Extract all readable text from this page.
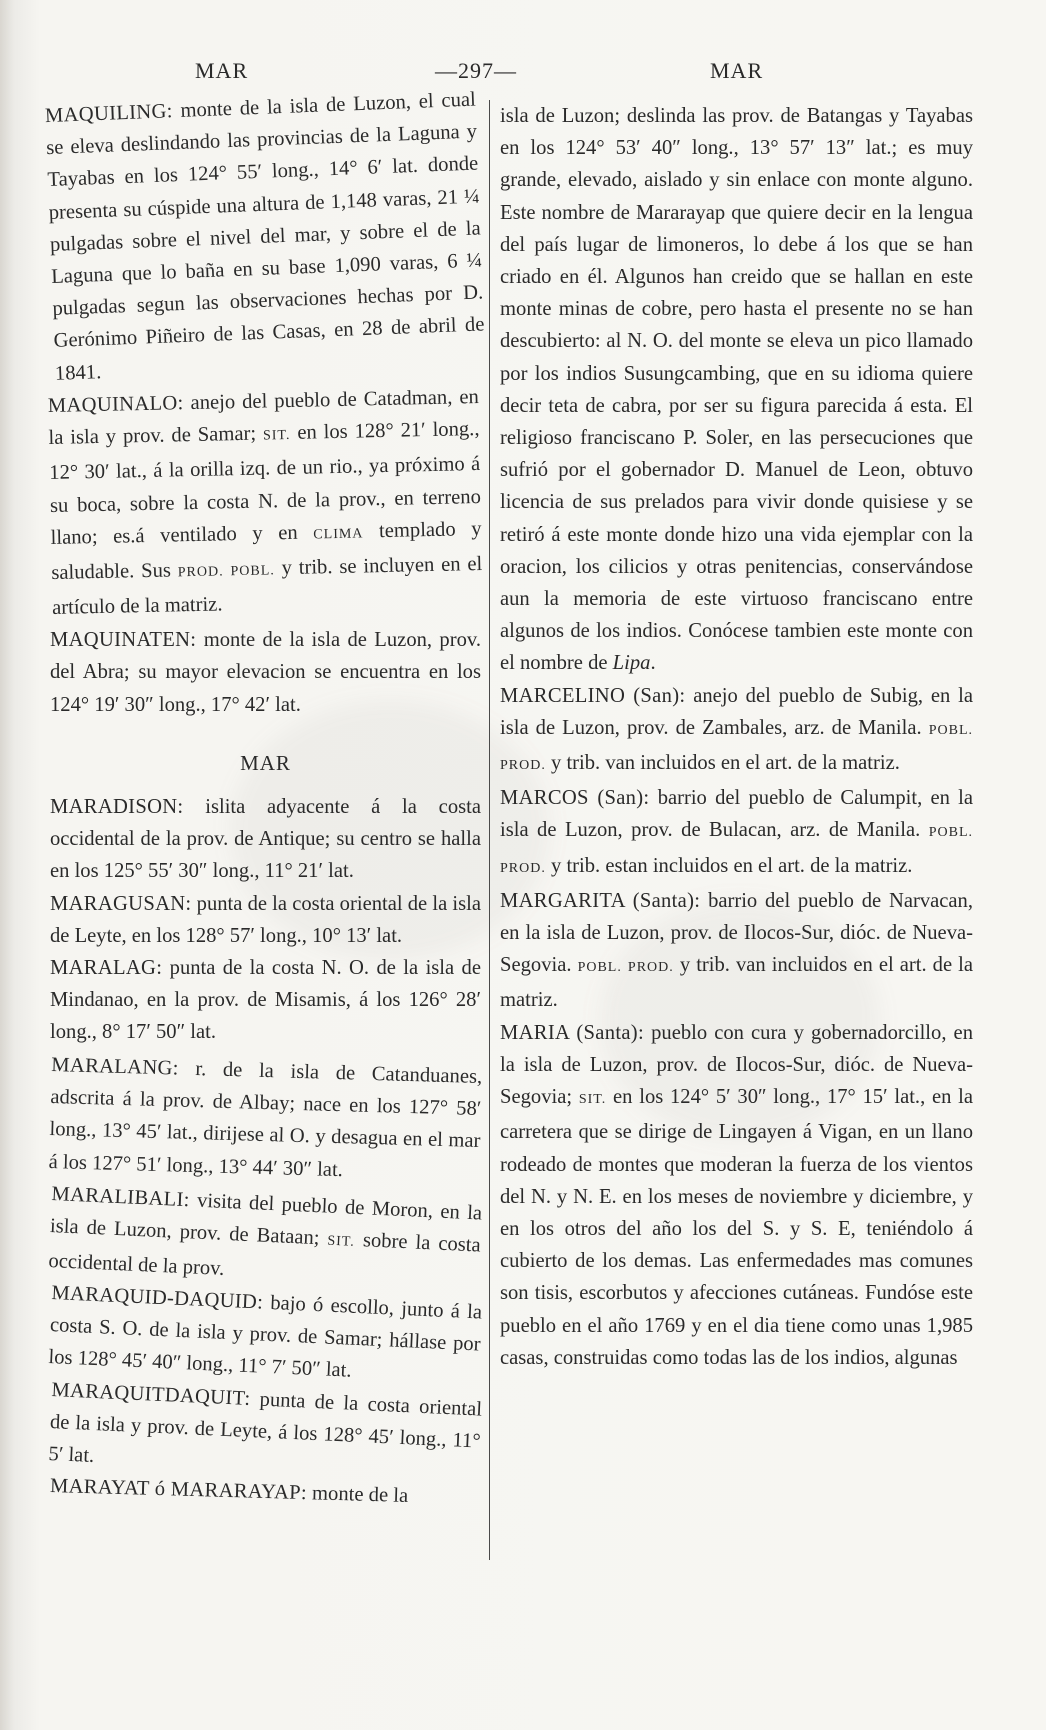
MAR	—297—	MAR

MAQUILING: monte de la isla de Luzon, el cual se eleva deslindando las provincias de la Laguna y Tayabas en los 124° 55′ long., 14° 6′ lat. donde presenta su cúspide una altura de 1,148 varas, 21 ¼ pulgadas sobre el nivel del mar, y sobre el de la Laguna que lo baña en su base 1,090 varas, 6 ¼ pulgadas segun las observaciones hechas por D. Gerónimo Piñeiro de las Casas, en 28 de abril de 1841.

MAQUINALO: anejo del pueblo de Catadman, en la isla y prov. de Samar; SIT. en los 128° 21′ long., 12° 30′ lat., á la orilla izq. de un rio., ya próximo á su boca, sobre la costa N. de la prov., en terreno llano; es.á ventilado y en CLIMA templado y saludable. Sus PROD. POBL. y trib. se incluyen en el artículo de la matriz.

MAQUINATEN: monte de la isla de Luzon, prov. del Abra; su mayor elevacion se encuentra en los 124° 19′ 30″ long., 17° 42′ lat.

MAR

MARADISON: islita adyacente á la costa occidental de la prov. de Antique; su centro se halla en los 125° 55′ 30″ long., 11° 21′ lat.

MARAGUSAN: punta de la costa oriental de la isla de Leyte, en los 128° 57′ long., 10° 13′ lat.

MARALAG: punta de la costa N. O. de la isla de Mindanao, en la prov. de Misamis, á los 126° 28′ long., 8° 17′ 50″ lat.

MARALANG: r. de la isla de Catanduanes, adscrita á la prov. de Albay; nace en los 127° 58′ long., 13° 45′ lat., dirijese al O. y desagua en el mar á los 127° 51′ long., 13° 44′ 30″ lat.

MARALIBALI: visita del pueblo de Moron, en la isla de Luzon, prov. de Bataan; SIT. sobre la costa occidental de la prov.

MARAQUID-DAQUID: bajo ó escollo, junto á la costa S. O. de la isla y prov. de Samar; hállase por los 128° 45′ 40″ long., 11° 7′ 50″ lat.

MARAQUITDAQUIT: punta de la costa oriental de la isla y prov. de Leyte, á los 128° 45′ long., 11° 5′ lat.

MARAYAT ó MARARAYAP: monte de la

isla de Luzon; deslinda las prov. de Batangas y Tayabas en los 124° 53′ 40″ long., 13° 57′ 13″ lat.; es muy grande, elevado, aislado y sin enlace con monte alguno. Este nombre de Mararayap que quiere decir en la lengua del país lugar de limoneros, lo debe á los que se han criado en él. Algunos han creido que se hallan en este monte minas de cobre, pero hasta el presente no se han descubierto: al N. O. del monte se eleva un pico llamado por los indios Susungcambing, que en su idioma quiere decir teta de cabra, por ser su figura parecida á esta. El religioso franciscano P. Soler, en las persecuciones que sufrió por el gobernador D. Manuel de Leon, obtuvo licencia de sus prelados para vivir donde quisiese y se retiró á este monte donde hizo una vida ejemplar con la oracion, los cilicios y otras penitencias, conservándose aun la memoria de este virtuoso franciscano entre algunos de los indios. Conócese tambien este monte con el nombre de Lipa.

MARCELINO (San): anejo del pueblo de Subig, en la isla de Luzon, prov. de Zambales, arz. de Manila. POBL. PROD. y trib. van incluidos en el art. de la matriz.

MARCOS (San): barrio del pueblo de Calumpit, en la isla de Luzon, prov. de Bulacan, arz. de Manila. POBL. PROD. y trib. estan incluidos en el art. de la matriz.

MARGARITA (Santa): barrio del pueblo de Narvacan, en la isla de Luzon, prov. de Ilocos-Sur, dióc. de Nueva-Segovia. POBL. PROD. y trib. van incluidos en el art. de la matriz.

MARIA (Santa): pueblo con cura y gobernadorcillo, en la isla de Luzon, prov. de Ilocos-Sur, dióc. de Nueva-Segovia; SIT. en los 124° 5′ 30″ long., 17° 15′ lat., en la carretera que se dirige de Lingayen á Vigan, en un llano rodeado de montes que moderan la fuerza de los vientos del N. y N. E. en los meses de noviembre y diciembre, y en los otros del año los del S. y S. E, teniéndolo á cubierto de los demas. Las enfermedades mas comunes son tisis, escorbutos y afecciones cutáneas. Fundóse este pueblo en el año 1769 y en el dia tiene como unas 1,985 casas, construidas como todas las de los indios, algunas
